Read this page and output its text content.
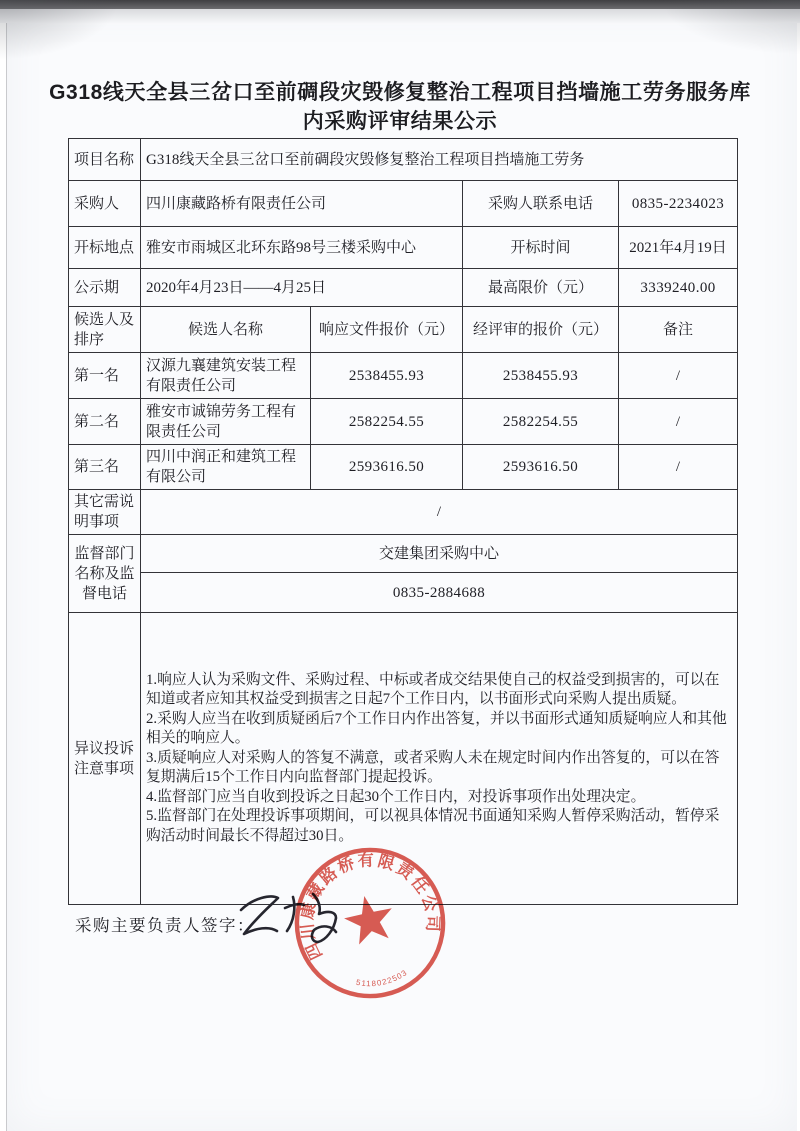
G318线天全县三岔口至前碉段灾毁修复整治工程项目挡墙施工劳务服务库内采购评审结果公示
项目名称	G318线天全县三岔口至前碉段灾毁修复整治工程项目挡墙施工劳务			
采购人	四川康藏路桥有限责任公司		采购人联系电话	0835-2234023
开标地点	雅安市雨城区北环东路98号三楼采购中心		开标时间	2021年4月19日
公示期	2020年4月23日——4月25日		最高限价（元）	3339240.00
候选人及排序	候选人名称	响应文件报价（元）	经评审的报价（元）	备注
第一名	汉源九襄建筑安装工程有限责任公司	2538455.93	2538455.93	/
第二名	雅安市诚锦劳务工程有限责任公司	2582254.55	2582254.55	/
第三名	四川中润正和建筑工程有限公司	2593616.50	2593616.50	/
其它需说明事项	/			
监督部门名称及监督电话	交建集团采购中心			
	0835-2884688			
异议投诉注意事项	1.响应人认为采购文件、采购过程、中标或者成交结果使自己的权益受到损害的，可以在知道或者应知其权益受到损害之日起7个工作日内，以书面形式向采购人提出质疑。

2.采购人应当在收到质疑函后7个工作日内作出答复，并以书面形式通知质疑响应人和其他相关的响应人。

3.质疑响应人对采购人的答复不满意，或者采购人未在规定时间内作出答复的，可以在答复期满后15个工作日内向监督部门提起投诉。

4.监督部门应当自收到投诉之日起30个工作日内，对投诉事项作出处理决定。

5.监督部门在处理投诉事项期间，可以视具体情况书面通知采购人暂停采购活动，暂停采购活动时间最长不得超过30日。			

采购主要负责人签字：
四川康藏路桥有限责任公司
5118022503
